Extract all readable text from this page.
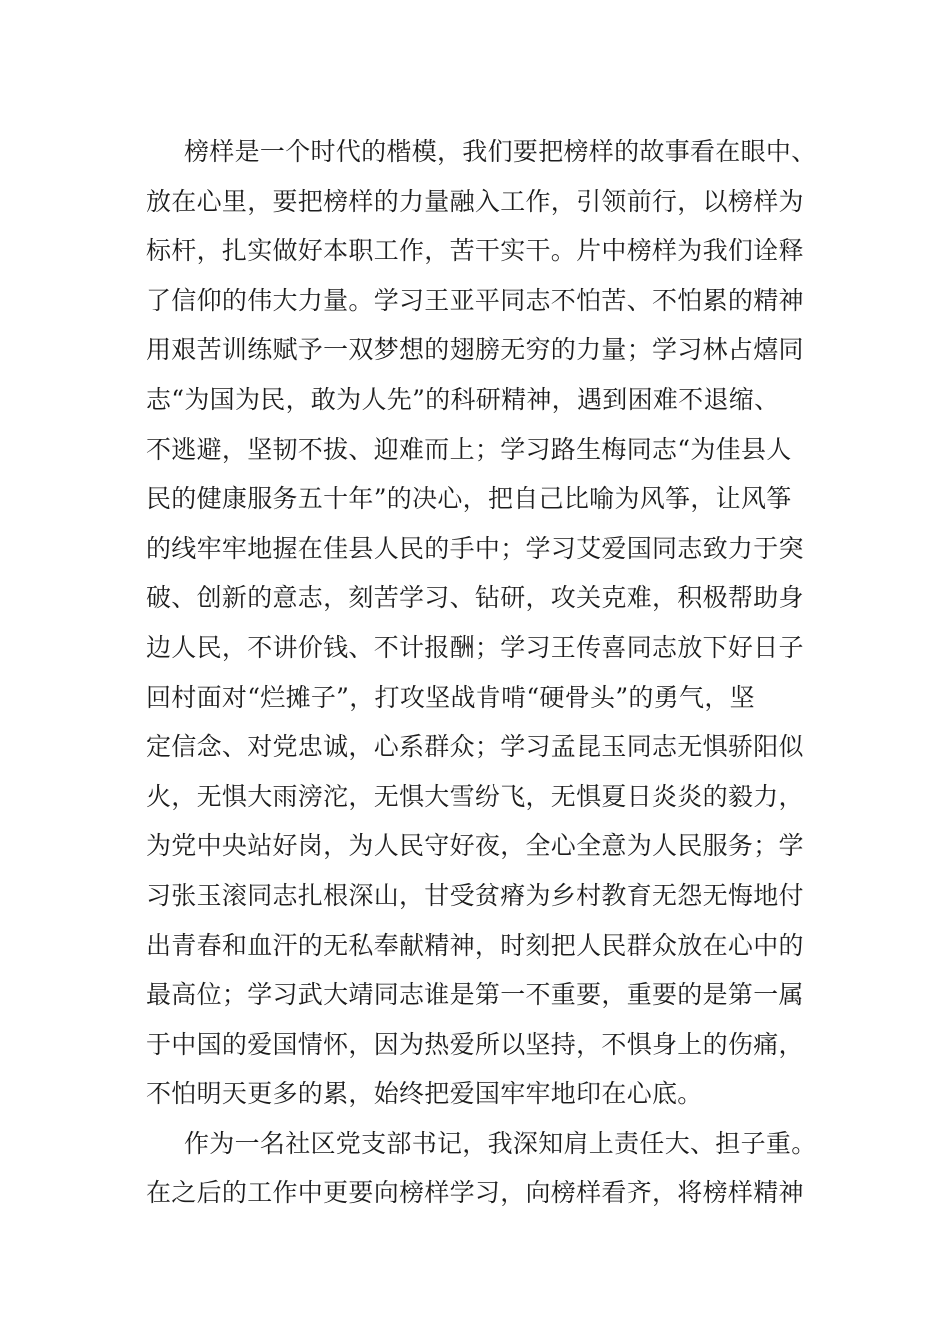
榜样是一个时代的楷模，我们要把榜样的故事看在眼中、
放在心里，要把榜样的力量融入工作，引领前行，以榜样为
标杆，扎实做好本职工作，苦干实干。片中榜样为我们诠释
了信仰的伟大力量。学习王亚平同志不怕苦、不怕累的精神
用艰苦训练赋予一双梦想的翅膀无穷的力量；学习林占熺同
志“为国为民，敢为人先”的科研精神，遇到困难不退缩、
不逃避，坚韧不拔、迎难而上；学习路生梅同志“为佳县人
民的健康服务五十年”的决心，把自己比喻为风筝，让风筝
的线牢牢地握在佳县人民的手中；学习艾爱国同志致力于突
破、创新的意志，刻苦学习、钻研，攻关克难，积极帮助身
边人民，不讲价钱、不计报酬；学习王传喜同志放下好日子
回村面对“烂摊子”，打攻坚战肯啃“硬骨头”的勇气，坚
定信念、对党忠诚，心系群众；学习孟昆玉同志无惧骄阳似
火，无惧大雨滂沱，无惧大雪纷飞，无惧夏日炎炎的毅力，
为党中央站好岗，为人民守好夜，全心全意为人民服务；学
习张玉滚同志扎根深山，甘受贫瘠为乡村教育无怨无悔地付
出青春和血汗的无私奉献精神，时刻把人民群众放在心中的
最高位；学习武大靖同志谁是第一不重要，重要的是第一属
于中国的爱国情怀，因为热爱所以坚持，不惧身上的伤痛，
不怕明天更多的累，始终把爱国牢牢地印在心底。
作为一名社区党支部书记，我深知肩上责任大、担子重。
在之后的工作中更要向榜样学习，向榜样看齐，将榜样精神
